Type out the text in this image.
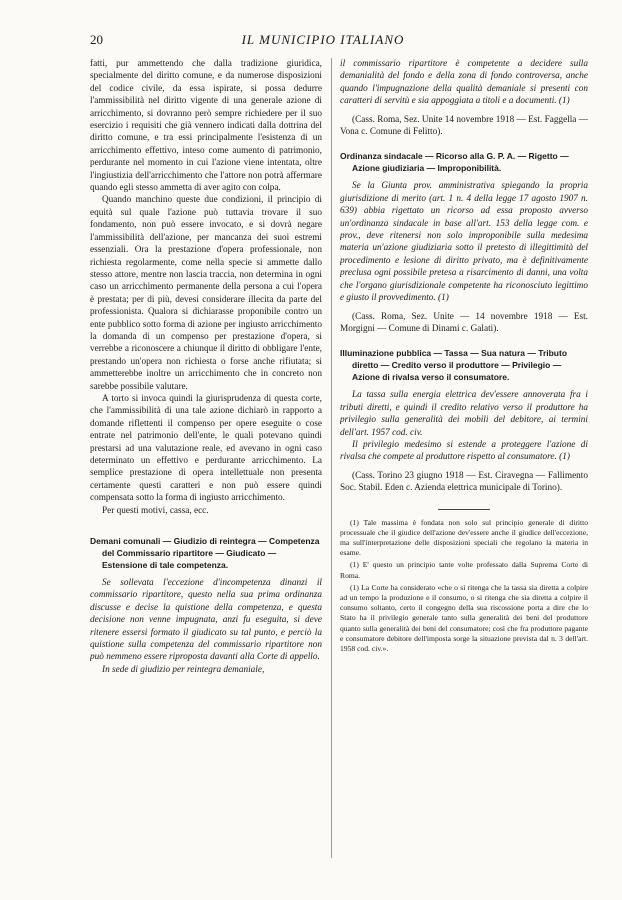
20	IL MUNICIPIO ITALIANO

fatti, pur ammettendo che dalla tradizione giuridica, specialmente del diritto comune, e da numerose disposizioni del codice civile, da essa ispirate, si possa dedurre l'ammissibilità nel diritto vigente di una generale azione di arricchimento, si dovranno però sempre richiedere per il suo esercizio i requisiti che già vennero indicati dalla dottrina del diritto comune, e tra essi principalmente l'esistenza di un arricchimento effettivo, inteso come aumento di patrimonio, perdurante nel momento in cui l'azione viene intentata, oltre l'ingiustizia dell'arricchimento che l'attore non potrà affermare quando egli stesso ammetta di aver agito con colpa.

Quando manchino queste due condizioni, il principio di equità sul quale l'azione può tuttavia trovare il suo fondamento, non può essere invocato, e si dovrà negare l'ammissibilità dell'azione, per mancanza dei suoi estremi essenziali. Ora la prestazione d'opera professionale, non richiesta regolarmente, come nella specie si ammette dallo stesso attore, mentre non lascia traccia, non determina in ogni caso un arricchimento permanente della persona a cui l'opera è prestata; per di più, devesi considerare illecita da parte del professionista. Qualora si dichiarasse proponibile contro un ente pubblico sotto forma di azione per ingiusto arricchimento la domanda di un compenso per prestazione d'opera, si verrebbe a riconoscere a chiunque il diritto di obbligare l'ente, prestando un'opera non richiesta o forse anche rifiutata; si ammetterebbe inoltre un arricchimento che in concreto non sarebbe possibile valutare.

A torto si invoca quindi la giurisprudenza di questa corte, che l'ammissibilità di una tale azione dichiarò in rapporto a domande riflettenti il compenso per opere eseguite o cose entrate nel patrimonio dell'ente, le quali potevano quindi prestarsi ad una valutazione reale, ed avevano in ogni caso determinato un effettivo e perdurante arricchimento. La semplice prestazione di opera intellettuale non presenta certamente questi caratteri e non può essere quindi compensata sotto la forma di ingiusto arricchimento.

Per questi motivi, cassa, ecc.

Demani comunali — Giudizio di reintegra — Competenza del Commissario ripartitore — Giudicato — Estensione di tale competenza.

Se sollevata l'eccezione d'incompetenza dinanzi il commissario ripartitore, questo nella sua prima ordinanza discusse e decise la quistione della competenza, e questa decisione non venne impugnata, anzi fu eseguita, si deve ritenere essersi formato il giudicato su tal punto, e perciò la quistione sulla competenza del commissario ripartitore non può nemmeno essere riproposta davanti alla Corte di appello.

In sede di giudizio per reintegra demaniale,

il commissario ripartitore è competente a decidere sulla demanialità del fondo e della zona di fondo controversa, anche quando l'impugnazione della qualità demaniale si presenti con caratteri di servitù e sia appoggiata a titoli e a documenti. (1)

(Cass. Roma, Sez. Unite 14 novembre 1918 — Est. Faggella — Vona c. Comune di Felitto).

Ordinanza sindacale — Ricorso alla G. P. A. — Rigetto — Azione giudiziaria — Improponibilità.

Se la Giunta prov. amministrativa spiegando la propria giurisdizione di merito (art. 1 n. 4 della legge 17 agosto 1907 n. 639) abbia rigettato un ricorso ad essa proposto avverso un'ordinanza sindacale in base all'art. 153 della legge com. e prov., deve ritenersi non solo improponibile sulla medesima materia un'azione giudiziaria sotto il pretesto di illegittimità del procedimento e lesione di diritto privato, ma è definitivamente preclusa ogni possibile pretesa a risarcimento di danni, una volta che l'organo giurisdizionale competente ha riconosciuto legittimo e giusto il provvedimento. (1)

(Cass. Roma, Sez. Unite — 14 novembre 1918 — Est. Morgigni — Comune di Dinami c. Galati).

Illuminazione pubblica — Tassa — Sua natura — Tributo diretto — Credito verso il produttore — Privilegio — Azione di rivalsa verso il consumatore.

La tassa sulla energia elettrica dev'essere annoverata fra i tributi diretti, e quindi il credito relativo verso il produttore ha privilegio sulla generalità dei mobili del debitore, ai termini dell'art. 1957 cod. civ.

Il privilegio medesimo si estende a proteggere l'azione di rivalsa che compete al produttore rispetto al consumatore. (1)

(Cass. Torino 23 giugno 1918 — Est. Ciravegna — Fallimento Soc. Stabil. Eden c. Azienda elettrica municipale di Torino).

(1) Tale massima è fondata non solo sul principio generale di diritto processuale che il giudice dell'azione dev'essere anche il giudice dell'eccezione, ma sull'interpretazione delle disposizioni speciali che regolano la materia in esame.

(1) E' questo un principio tante volte professato dalla Suprema Corte di Roma.

(1) La Corte ha considerato «che o si ritenga che la tassa sia diretta a colpire ad un tempo la produzione e il consumo, o si ritenga che sia diretta a colpire il consumo soltanto, certo il congegno della sua riscossione porta a dire che lo Stato ha il privilegio generale tanto sulla generalità dei beni del produttore quanto sulla generalità dei beni del consumatore; così che fra produttore pagante e consumatore debitore dell'imposta sorge la situazione prevista dal n. 3 dell'art. 1958 cod. civ.».
